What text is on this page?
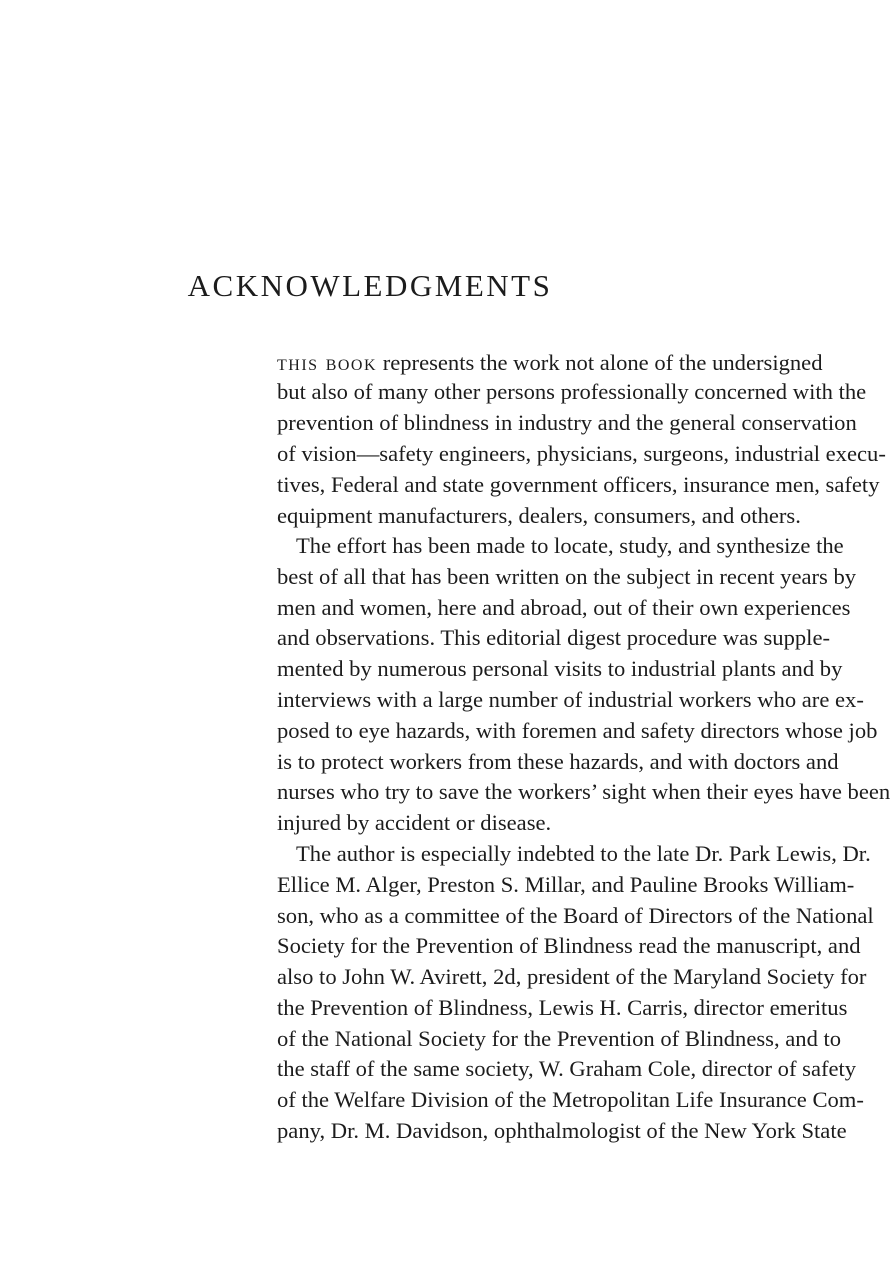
ACKNOWLEDGMENTS
this book represents the work not alone of the undersigned
but also of many other persons professionally concerned with the
prevention of blindness in industry and the general conservation
of vision—safety engineers, physicians, surgeons, industrial execu-
tives, Federal and state government officers, insurance men, safety
equipment manufacturers, dealers, consumers, and others.
The effort has been made to locate, study, and synthesize the
best of all that has been written on the subject in recent years by
men and women, here and abroad, out of their own experiences
and observations. This editorial digest procedure was supple-
mented by numerous personal visits to industrial plants and by
interviews with a large number of industrial workers who are ex-
posed to eye hazards, with foremen and safety directors whose job
is to protect workers from these hazards, and with doctors and
nurses who try to save the workers’ sight when their eyes have been
injured by accident or disease.
The author is especially indebted to the late Dr. Park Lewis, Dr.
Ellice M. Alger, Preston S. Millar, and Pauline Brooks William-
son, who as a committee of the Board of Directors of the National
Society for the Prevention of Blindness read the manuscript, and
also to John W. Avirett, 2d, president of the Maryland Society for
the Prevention of Blindness, Lewis H. Carris, director emeritus
of the National Society for the Prevention of Blindness, and to
the staff of the same society, W. Graham Cole, director of safety
of the Welfare Division of the Metropolitan Life Insurance Com-
pany, Dr. M. Davidson, ophthalmologist of the New York State
